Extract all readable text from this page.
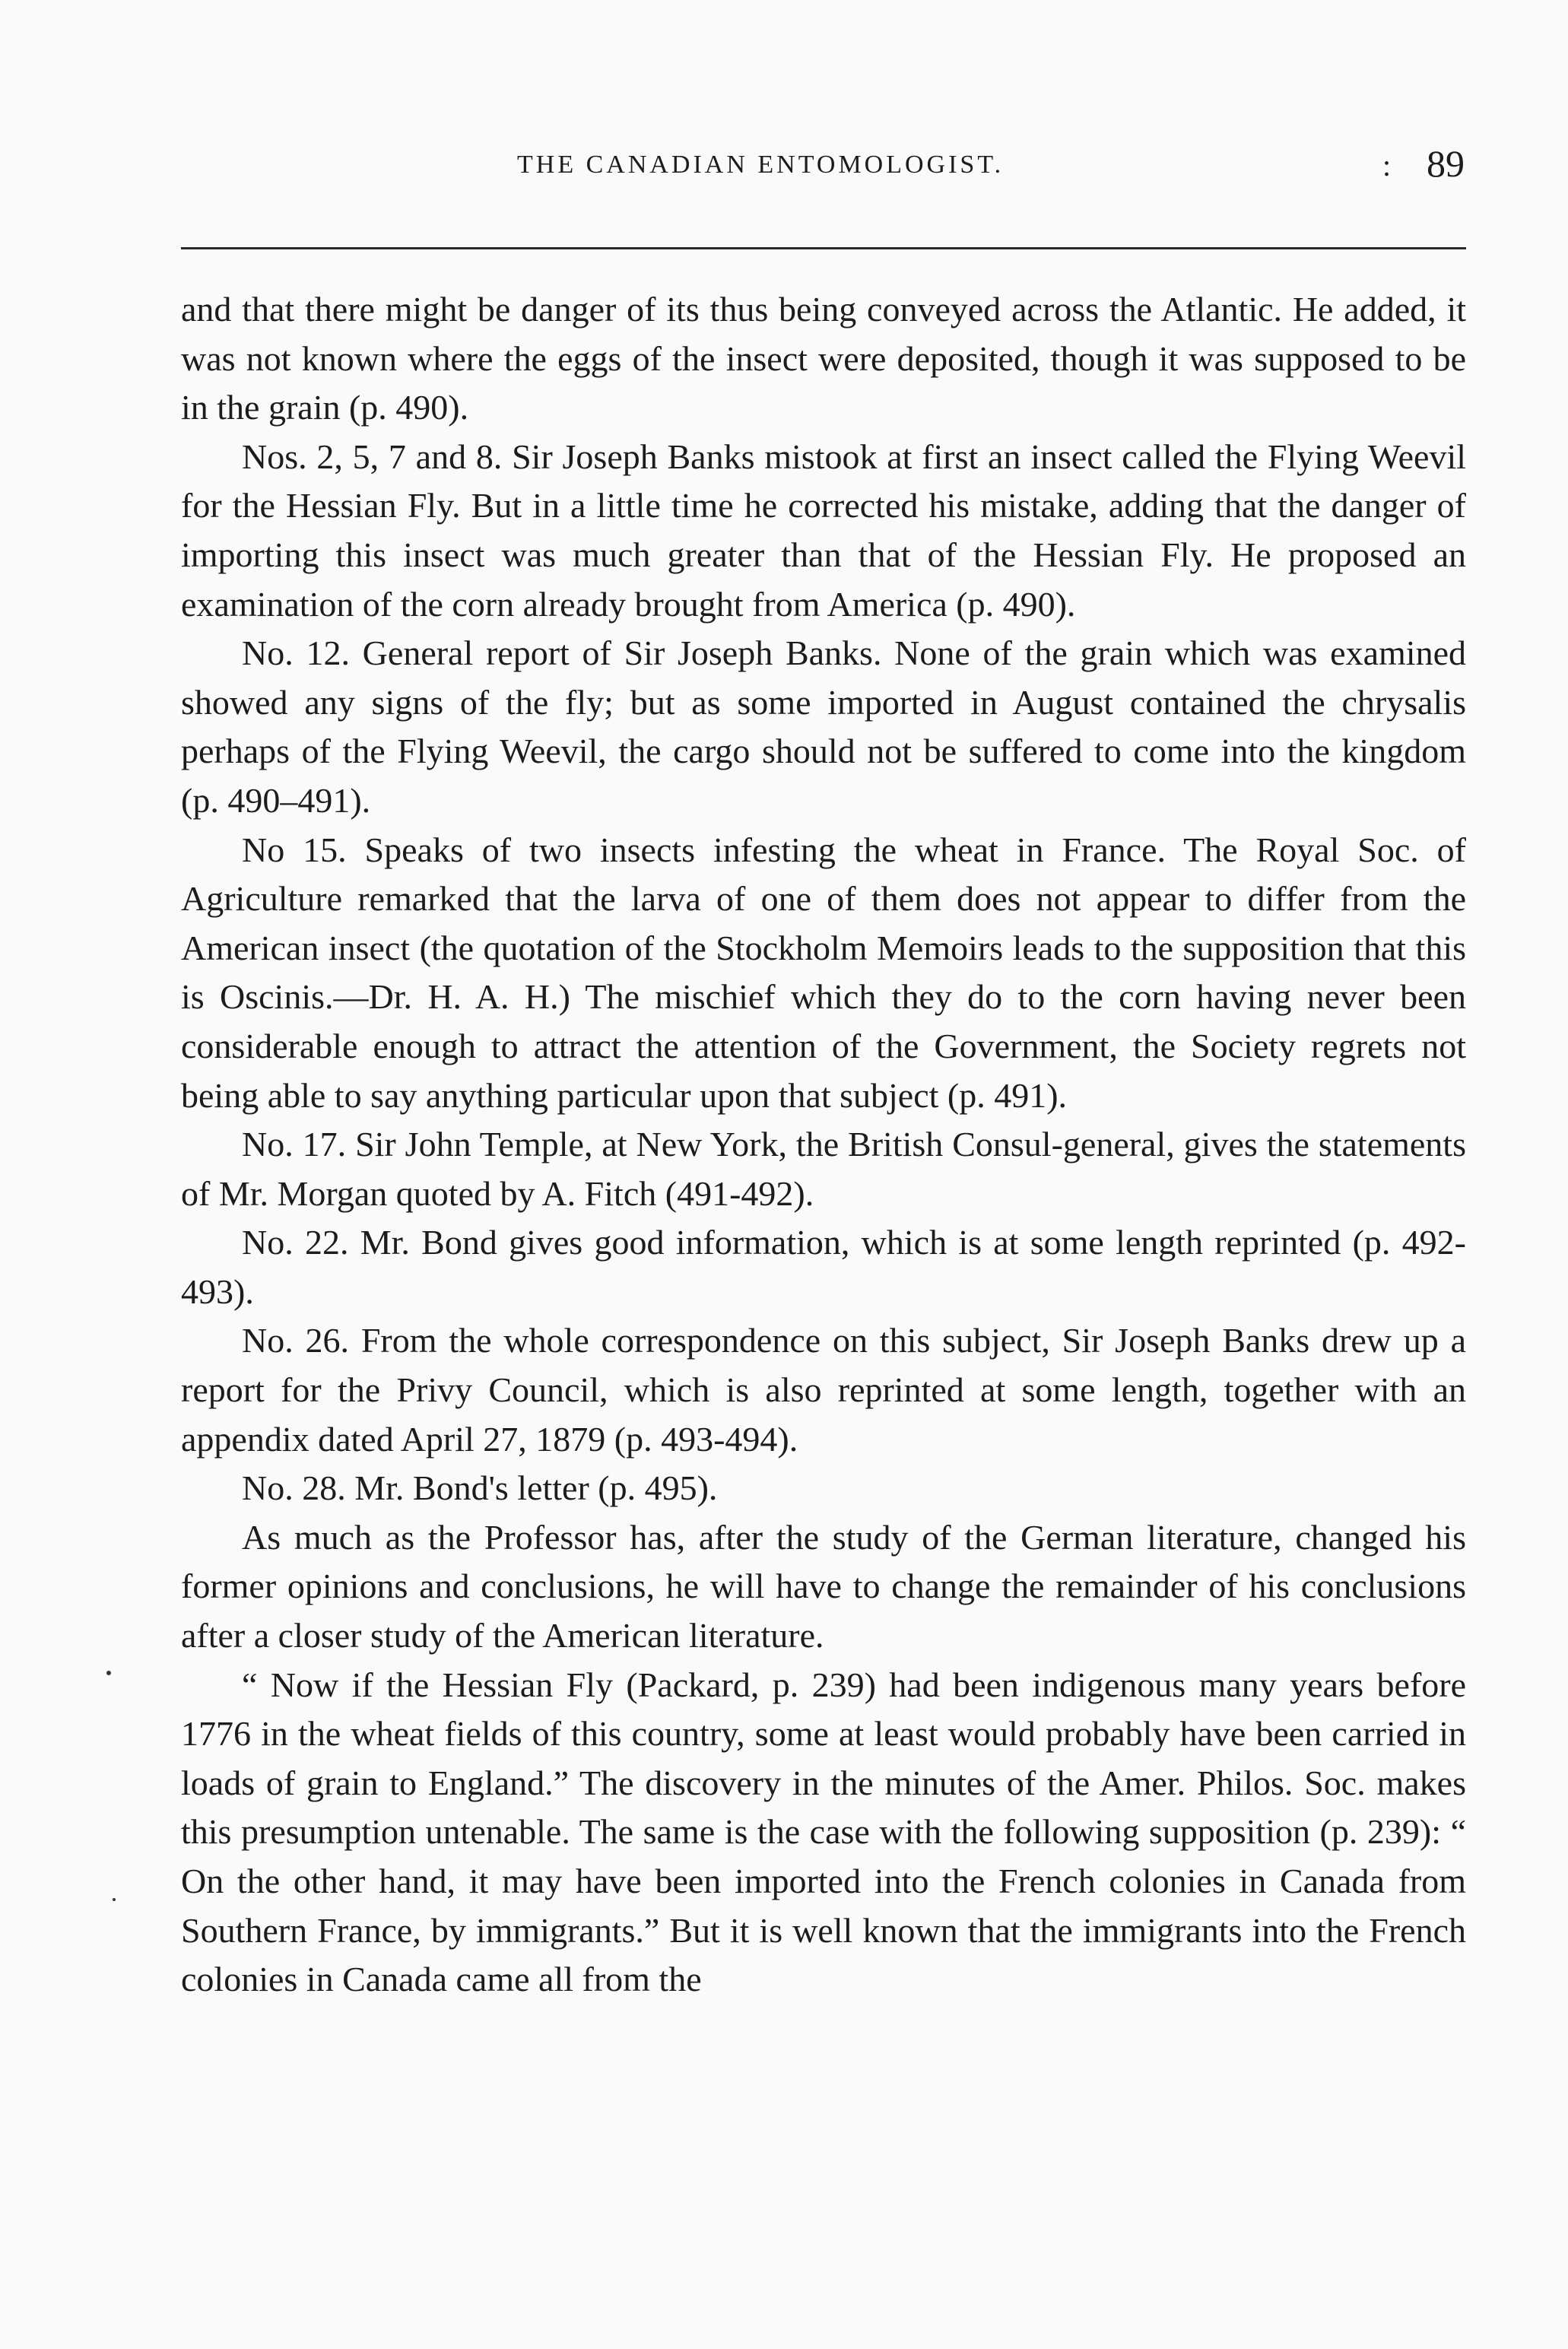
THE CANADIAN ENTOMOLOGIST.	: 89

and that there might be danger of its thus being conveyed across the Atlantic. He added, it was not known where the eggs of the insect were deposited, though it was supposed to be in the grain (p. 490).

Nos. 2, 5, 7 and 8. Sir Joseph Banks mistook at first an insect called the Flying Weevil for the Hessian Fly. But in a little time he corrected his mistake, adding that the danger of importing this insect was much greater than that of the Hessian Fly. He proposed an examination of the corn already brought from America (p. 490).

No. 12. General report of Sir Joseph Banks. None of the grain which was examined showed any signs of the fly; but as some imported in August contained the chrysalis perhaps of the Flying Weevil, the cargo should not be suffered to come into the kingdom (p. 490–491).

No 15. Speaks of two insects infesting the wheat in France. The Royal Soc. of Agriculture remarked that the larva of one of them does not appear to differ from the American insect (the quotation of the Stockholm Memoirs leads to the supposition that this is Oscinis.—Dr. H. A. H.) The mischief which they do to the corn having never been considerable enough to attract the attention of the Government, the Society regrets not being able to say anything particular upon that subject (p. 491).

No. 17. Sir John Temple, at New York, the British Consul-general, gives the statements of Mr. Morgan quoted by A. Fitch (491-492).

No. 22. Mr. Bond gives good information, which is at some length reprinted (p. 492-493).

No. 26. From the whole correspondence on this subject, Sir Joseph Banks drew up a report for the Privy Council, which is also reprinted at some length, together with an appendix dated April 27, 1879 (p. 493-494).

No. 28. Mr. Bond's letter (p. 495).

As much as the Professor has, after the study of the German literature, changed his former opinions and conclusions, he will have to change the remainder of his conclusions after a closer study of the American literature.

“ Now if the Hessian Fly (Packard, p. 239) had been indigenous many years before 1776 in the wheat fields of this country, some at least would probably have been carried in loads of grain to England.” The discovery in the minutes of the Amer. Philos. Soc. makes this presumption untenable. The same is the case with the following supposition (p. 239): “ On the other hand, it may have been imported into the French colonies in Canada from Southern France, by immigrants.” But it is well known that the immigrants into the French colonies in Canada came all from the
